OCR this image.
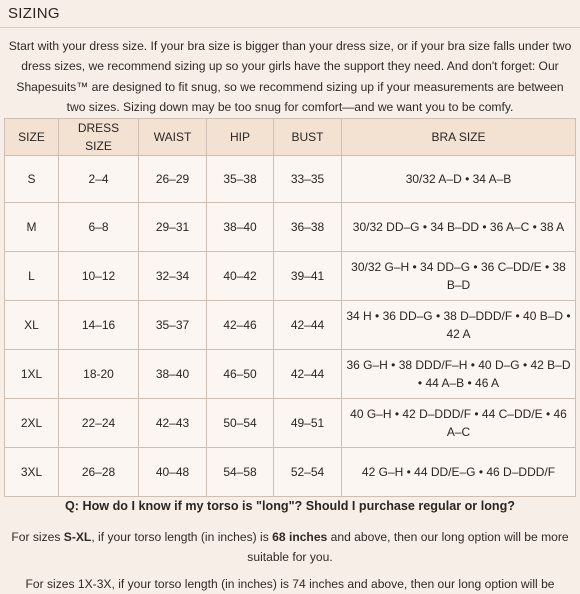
SIZING

Start with your dress size. If your bra size is bigger than your dress size, or if your bra size falls under two dress sizes, we recommend sizing up so your girls have the support they need. And don't forget: Our Shapesuits™ are designed to fit snug, so we recommend sizing up if your measurements are between two sizes. Sizing down may be too snug for comfort—and we want you to be comfy.

SIZE	DRESS SIZE	WAIST	HIP	BUST	BRA SIZE
S	2–4	26–29	35–38	33–35	30/32 A–D • 34 A–B
M	6–8	29–31	38–40	36–38	30/32 DD–G • 34 B–DD • 36 A–C • 38 A
L	10–12	32–34	40–42	39–41	30/32 G–H • 34 DD–G • 36 C–DD/E • 38 B–D
XL	14–16	35–37	42–46	42–44	34 H • 36 DD–G • 38 D–DDD/F • 40 B–D • 42 A
1XL	18-20	38–40	46–50	42–44	36 G–H • 38 DDD/F–H • 40 D–G • 42 B–D • 44 A–B • 46 A
2XL	22–24	42–43	50–54	49–51	40 G–H • 42 D–DDD/F • 44 C–DD/E • 46 A–C
3XL	26–28	40–48	54–58	52–54	42 G–H • 44 DD/E–G • 46 D–DDD/F
Q: How do I know if my torso is "long"? Should I purchase regular or long?

For sizes S-XL, if your torso length (in inches) is 68 inches and above, then our long option will be more suitable for you.

For sizes 1X-3X, if your torso length (in inches) is 74 inches and above, then our long option will be
